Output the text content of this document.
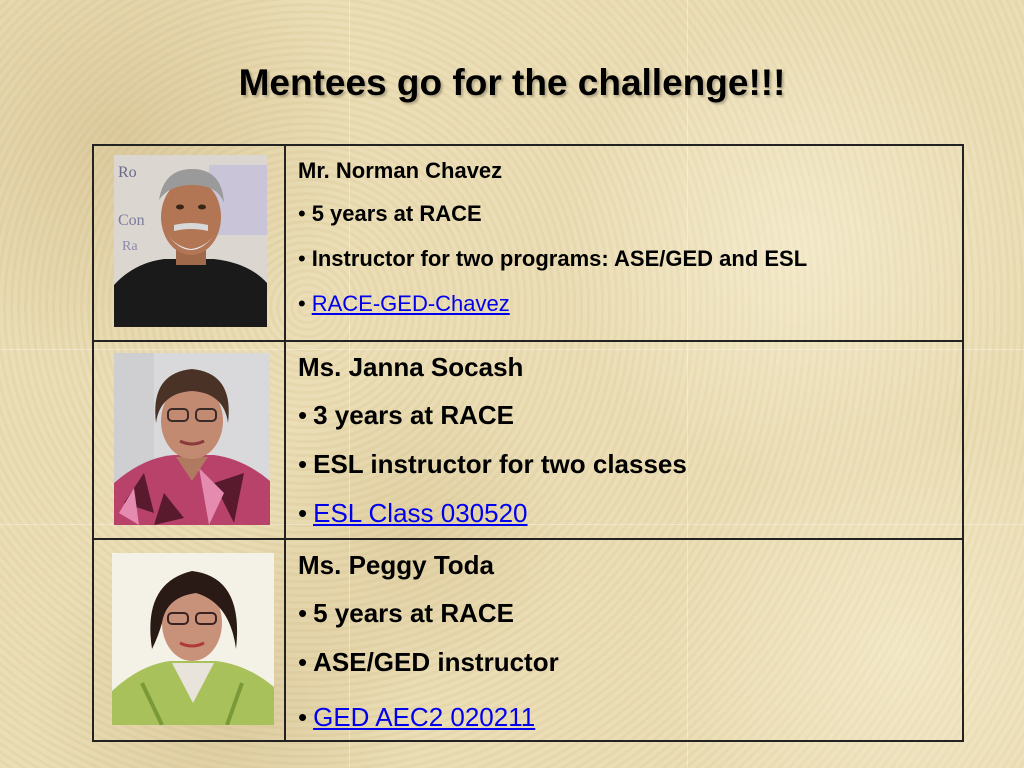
Mentees go for the challenge!!!
Ro
Con
Ra
Mr. Norman Chavez
• 5 years at RACE
• Instructor for two programs: ASE/GED and ESL
• RACE-GED-Chavez
Ms. Janna Socash
• 3 years at RACE
• ESL instructor for two classes
• ESL Class 030520
Ms. Peggy Toda
• 5 years at RACE
• ASE/GED instructor
• GED AEC2 020211
